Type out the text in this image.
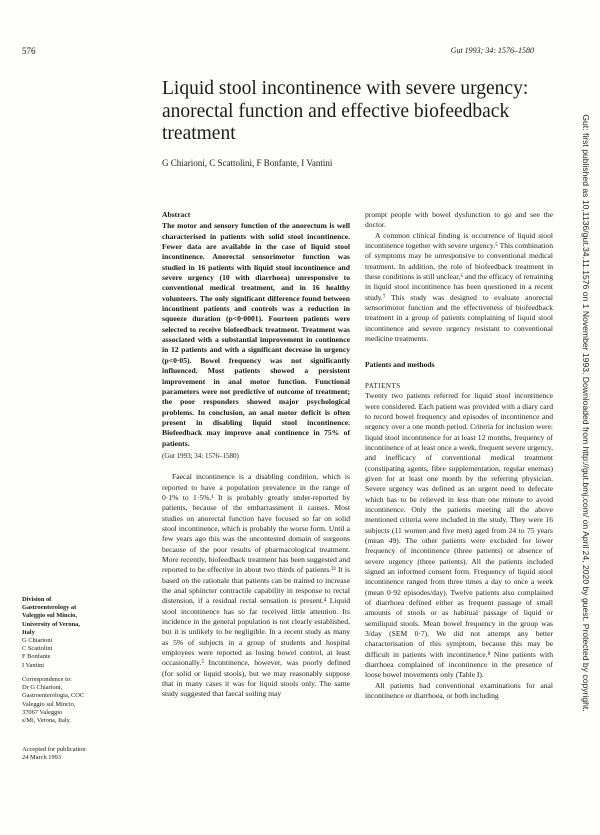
576	Gut 1993; 34: 1576–1580
Liquid stool incontinence with severe urgency: anorectal function and effective biofeedback treatment
G Chiarioni, C Scattolini, F Bonfante, I Vantini

Abstract

The motor and sensory function of the anorectum is well characterised in patients with solid stool incontinence. Fewer data are available in the case of liquid stool incontinence. Anorectal sensorimotor function was studied in 16 patients with liquid stool incontinence and severe urgency (10 with diarrhoea) unresponsive to conventional medical treatment, and in 16 healthy volunteers. The only significant difference found between incontinent patients and controls was a reduction in squeeze duration (p<0·0001). Fourteen patients were selected to receive biofeedback treatment. Treatment was associated with a substantial improvement in continence in 12 patients and with a significant decrease in urgency (p<0·05). Bowel frequency was not significantly influenced. Most patients showed a persistent improvement in anal motor function. Functional parameters were not predictive of outcome of treatment; the poor responders showed major psychological problems. In conclusion, an anal motor deficit is often present in disabling liquid stool incontinence. Biofeedback may improve anal continence in 75% of patients.

(Gut 1993; 34: 1576–1580)

Faecal incontinence is a disabling condition, which is reported to have a population prevalence in the range of 0·1% to 1·5%.¹ It is probably greatly under-reported by patients, because of the embarrassment it causes. Most studies on anorectal function have focused so far on solid stool incontinence, which is probably the worse form. Until a few years ago this was the uncontested domain of surgeons because of the poor results of pharmacological treatment. More recently, biofeedback treatment has been suggested and reported to be effective in about two thirds of patients.²³ It is based on the rationale that patients can be trained to increase the anal sphincter contractile capability in response to rectal distension, if a residual rectal sensation is present.⁴ Liquid stool incontinence has so far received little attention. Its incidence in the general population is not clearly established, but it is unlikely to be negligible. In a recent study as many as 5% of subjects in a group of students and hospital employees were reported as losing bowel control, at least occasionally.⁵ Incontinence, however, was poorly defined (for solid or liquid stools), but we may reasonably suppose that in many cases it was for liquid stools only. The same study suggested that faecal soiling may

prompt people with bowel dysfunction to go and see the doctor.

A common clinical finding is occurrence of liquid stool incontinence together with severe urgency.⁵ This combination of symptoms may be unresponsive to conventional medical treatment. In addition, the role of biofeedback treatment in these conditions is still unclear,⁶ and the efficacy of retraining in liquid stool incontinence has been questioned in a recent study.⁷ This study was designed to evaluate anorectal sensorimotor function and the effectiveness of biofeedback treatment in a group of patients complaining of liquid stool incontinence and severe urgency resistant to conventional medicine treatments.

Patients and methods

PATIENTS

Twenty two patients referred for liquid stool incontinence were considered. Each patient was provided with a diary card to record bowel frequency and episodes of incontinence and urgency over a one month period. Criteria for inclusion were: liquid stool incontinence for at least 12 months, frequency of incontinence of at least once a week, frequent severe urgency, and inefficacy of conventional medical treatment (constipating agents, fibre supplementation, regular enemas) given for at least one month by the referring physician. Severe urgency was defined as an urgent need to defecate which has to be relieved in less than one minute to avoid incontinence. Only the patients meeting all the above mentioned criteria were included in the study. They were 16 subjects (11 women and five men) aged from 24 to 75 years (mean 49). The other patients were excluded for lower frequency of incontinence (three patients) or absence of severe urgency (three patients). All the patients included signed an informed consent form. Frequency of liquid stool incontinence ranged from three times a day to once a week (mean 0·92 episodes/day). Twelve patients also complained of diarrhoea defined either as frequent passage of small amounts of stools or as habitual passage of liquid or semiliquid stools. Mean bowel frequency in the group was 3/day (SEM 0·7). We did not attempt any better characterisation of this symptom, because this may be difficult in patients with incontinence.⁸ Nine patients with diarrhoea complained of incontinence in the presence of loose bowel movements only (Table I).

All patients had conventional examinations for anal incontinence or diarrhoea, or both including

Division of

Gastroenterology at

Valeggio sul Mincio,

University of Verona,

Italy

G Chiarioni

C Scattolini

F Bonfante

I Vantini

Correspondence to:

Dr G Chiarioni,

Gastroenterologia, COC

Valeggio sul Mincio, 37067 Valeggio

s/Mi, Verona, Italy.

Accepted for publication

24 March 1993

Gut: first published as 10.1136/gut.34.11.1576 on 1 November 1993. Downloaded from http://gut.bmj.com/ on April 24, 2020 by guest. Protected by copyright.
